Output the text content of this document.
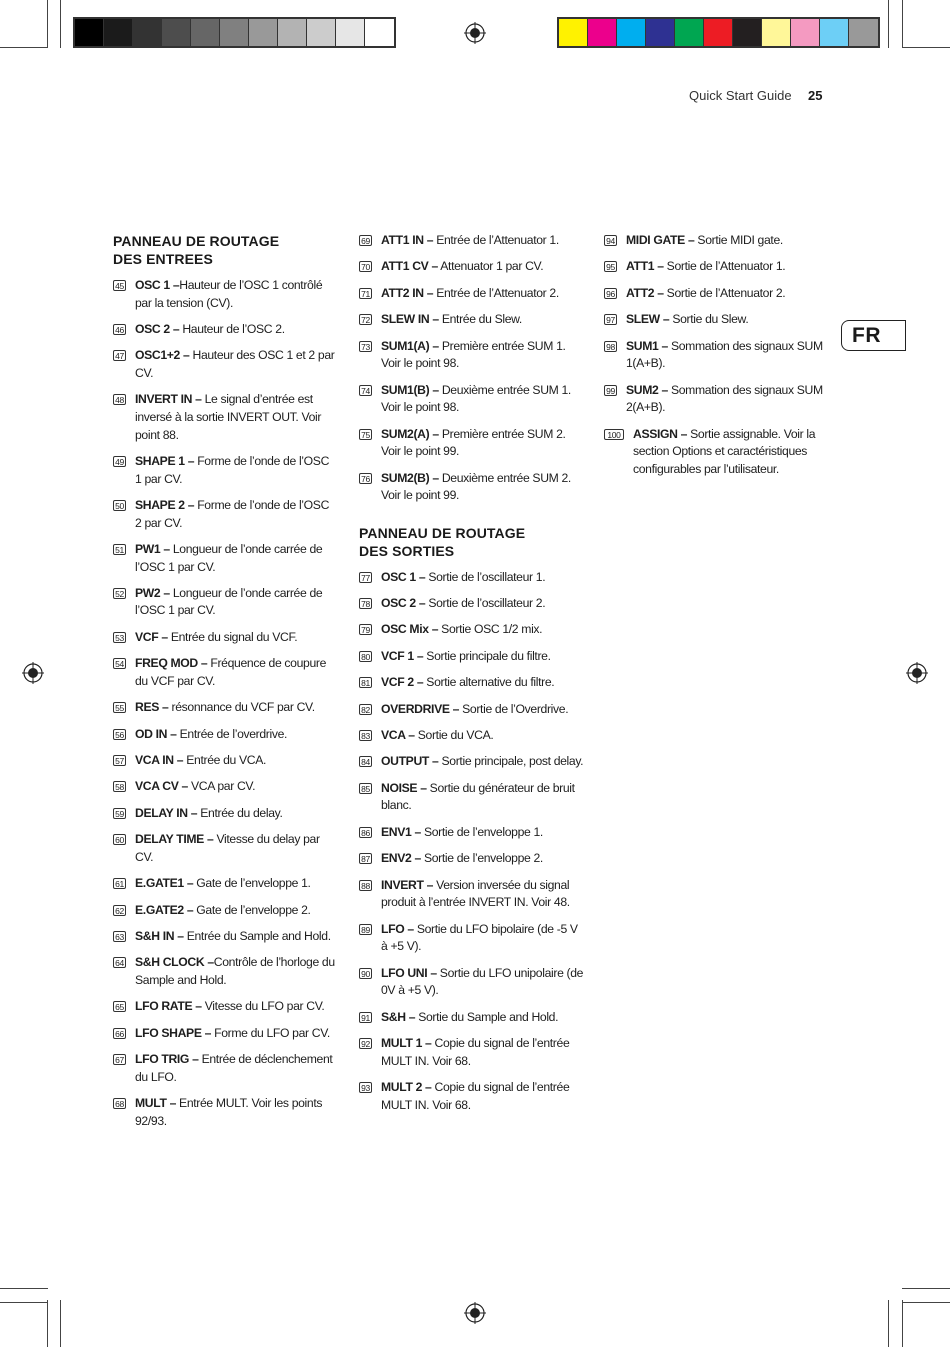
Quick Start Guide 25
FR
PANNEAU DE ROUTAGE
DES ENTREES
45 OSC 1 –Hauteur de l’OSC 1 contrôlé par la tension (CV).
46 OSC 2 – Hauteur de l’OSC 2.
47 OSC1+2 – Hauteur des OSC 1 et 2 par CV.
48 INVERT IN – Le signal d’entrée est inversé à la sortie INVERT OUT. Voir point 88.
49 SHAPE 1 – Forme de l’onde de l’OSC 1 par CV.
50 SHAPE 2 – Forme de l’onde de l’OSC 2 par CV.
51 PW1 – Longueur de l’onde carrée de l’OSC 1 par CV.
52 PW2 – Longueur de l’onde carrée de l’OSC 1 par CV.
53 VCF – Entrée du signal du VCF.
54 FREQ MOD – Fréquence de coupure du VCF par CV.
55 RES – résonnance du VCF par CV.
56 OD IN – Entrée de l’overdrive.
57 VCA IN – Entrée du VCA.
58 VCA CV – VCA par CV.
59 DELAY IN – Entrée du delay.
60 DELAY TIME – Vitesse du delay par CV.
61 E.GATE1 – Gate de l’enveloppe 1.
62 E.GATE2 – Gate de l’enveloppe 2.
63 S&H IN – Entrée du Sample and Hold.
64 S&H CLOCK –Contrôle de l’horloge du Sample and Hold.
65 LFO RATE – Vitesse du LFO par CV.
66 LFO SHAPE – Forme du LFO par CV.
67 LFO TRIG – Entrée de déclenchement du LFO.
68 MULT – Entrée MULT. Voir les points 92/93.
69 ATT1 IN – Entrée de l’Attenuator 1.
70 ATT1 CV – Attenuator 1 par CV.
71 ATT2 IN – Entrée de l’Attenuator 2.
72 SLEW IN – Entrée du Slew.
73 SUM1(A) – Première entrée SUM 1. Voir le point 98.
74 SUM1(B) – Deuxième entrée SUM 1. Voir le point 98.
75 SUM2(A) – Première entrée SUM 2. Voir le point 99.
76 SUM2(B) – Deuxième entrée SUM 2. Voir le point 99.
PANNEAU DE ROUTAGE
DES SORTIES
77 OSC 1 – Sortie de l’oscillateur 1.
78 OSC 2 – Sortie de l’oscillateur 2.
79 OSC Mix – Sortie OSC 1/2 mix.
80 VCF 1 – Sortie principale du filtre.
81 VCF 2 – Sortie alternative du filtre.
82 OVERDRIVE – Sortie de l’Overdrive.
83 VCA – Sortie du VCA.
84 OUTPUT – Sortie principale, post delay.
85 NOISE – Sortie du générateur de bruit blanc.
86 ENV1 – Sortie de l’enveloppe 1.
87 ENV2 – Sortie de l’enveloppe 2.
88 INVERT – Version inversée du signal produit à l’entrée INVERT IN. Voir 48.
89 LFO – Sortie du LFO bipolaire (de -5 V à +5 V).
90 LFO UNI – Sortie du LFO unipolaire (de 0V à +5 V).
91 S&H – Sortie du Sample and Hold.
92 MULT 1 – Copie du signal de l’entrée MULT IN. Voir 68.
93 MULT 2 – Copie du signal de l’entrée MULT IN. Voir 68.
94 MIDI GATE – Sortie MIDI gate.
95 ATT1 – Sortie de l’Attenuator 1.
96 ATT2 – Sortie de l’Attenuator 2.
97 SLEW – Sortie du Slew.
98 SUM1 – Sommation des signaux SUM 1(A+B).
99 SUM2 – Sommation des signaux SUM 2(A+B).
100 ASSIGN – Sortie assignable. Voir la section Options et caractéristiques configurables par l’utilisateur.
